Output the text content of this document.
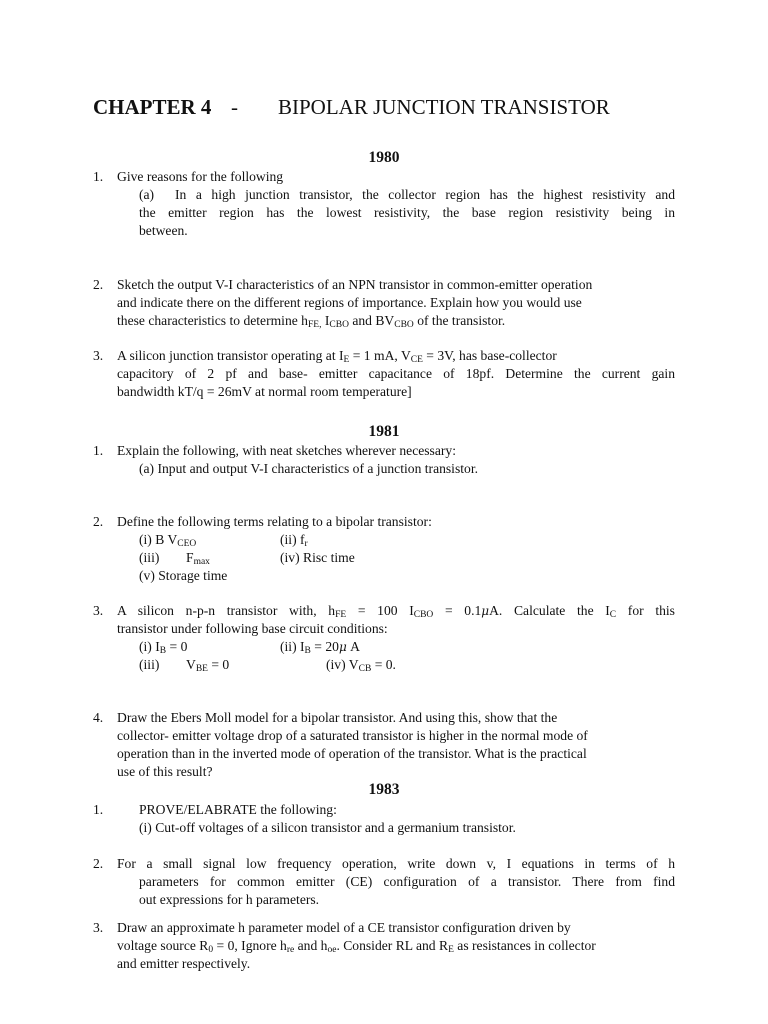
CHAPTER 4 - BIPOLAR JUNCTION TRANSISTOR
1980
1. Give reasons for the following
(a) In a high junction transistor, the collector region has the highest resistivity and
the emitter region has the lowest resistivity, the base region resistivity being in
between.
2. Sketch the output V-I characteristics of an NPN transistor in common-emitter operation
and indicate there on the different regions of importance. Explain how you would use
these characteristics to determine $h_{FE,}$ $I_{CBO}$ and $BV_{CBO}$ of the transistor.
3. A silicon junction transistor operating at $I_E = 1$ mA, $V_{CE} = 3V$, has base-collector
capacitory of 2 pf and base- emitter capacitance of 18pf. Determine the current gain
bandwidth kT/q = 26mV at normal room temperature]
1981
1. Explain the following, with neat sketches wherever necessary:
(a) Input and output V-I characteristics of a junction transistor.
2. Define the following terms relating to a bipolar transistor:
(i) B $V_{CEO}$	(ii) $f_r$
(iii) $F_{max}$	(iv) Risc time
(v) Storage time
3. A silicon n-p-n transistor with, $h_{FE} = 100$ $I_{CBO} = 0.1\mu A$. Calculate the $I_C$ for this
transistor under following base circuit conditions:
(i) $I_B = 0$	(ii) $I_B = 20\mu$ A
(iii) $V_{BE} = 0$	(iv) $V_{CB} = 0$.
4. Draw the Ebers Moll model for a bipolar transistor. And using this, show that the
collector- emitter voltage drop of a saturated transistor is higher in the normal mode of
operation than in the inverted mode of operation of the transistor. What is the practical
use of this result?
1983
1.	PROVE/ELABRATE the following:
(i) Cut-off voltages of a silicon transistor and a germanium transistor.
2. For a small signal low frequency operation, write down v, I equations in terms of h
parameters for common emitter (CE) configuration of a transistor. There from find
out expressions for h parameters.
3. Draw an approximate h parameter model of a CE transistor configuration driven by
voltage source $R_0 = 0$, Ignore $h_{re}$ and $h_{oe}$. Consider RL and $R_E$ as resistances in collector
and emitter respectively.
